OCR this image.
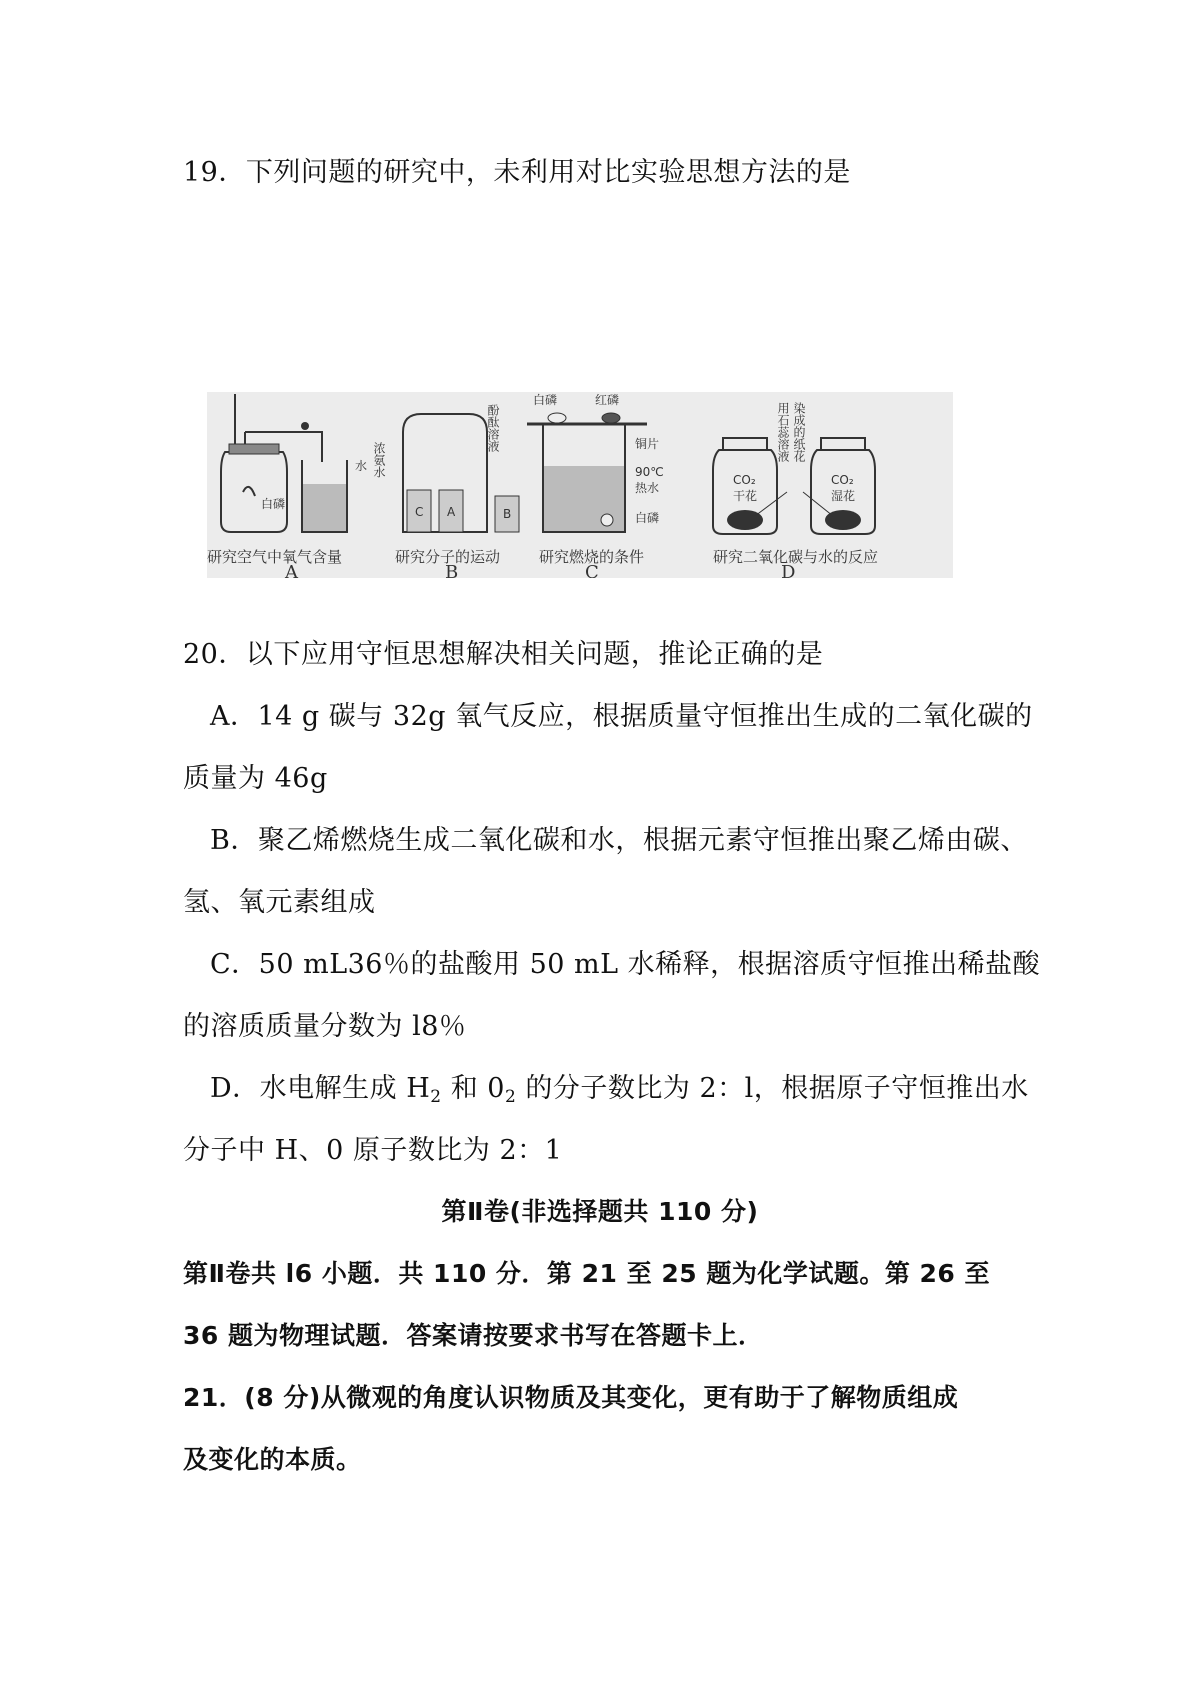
19．下列问题的研究中，未利用对比实验思想方法的是
白磷
水
研究空气中氧气含量
A
C A	B
浓氨水
酚酞溶液
研究分子的运动
B
白磷	红磷
铜片
90℃
热水
白磷
研究燃烧的条件
C
CO₂
干花
CO₂
湿花
用石蕊溶液 染成的纸花
研究二氧化碳与水的反应
D
20．以下应用守恒思想解决相关问题，推论正确的是
A．14 g 碳与 32g 氧气反应，根据质量守恒推出生成的二氧化碳的
质量为 46g
B．聚乙烯燃烧生成二氧化碳和水，根据元素守恒推出聚乙烯由碳、
氢、氧元素组成
C．50 mL36％的盐酸用 50 mL 水稀释，根据溶质守恒推出稀盐酸
的溶质质量分数为 l8％
D．水电解生成 $H_2$ 和 $0_2$ 的分子数比为 2：l，根据原子守恒推出水
分子中 H、0 原子数比为 2：1
第Ⅱ卷(非选择题共 110 分)
第Ⅱ卷共 l6 小题．共 110 分．第 21 至 25 题为化学试题。第 26 至
36 题为物理试题．答案请按要求书写在答题卡上．
21．(8 分)从微观的角度认识物质及其变化，更有助于了解物质组成
及变化的本质。
